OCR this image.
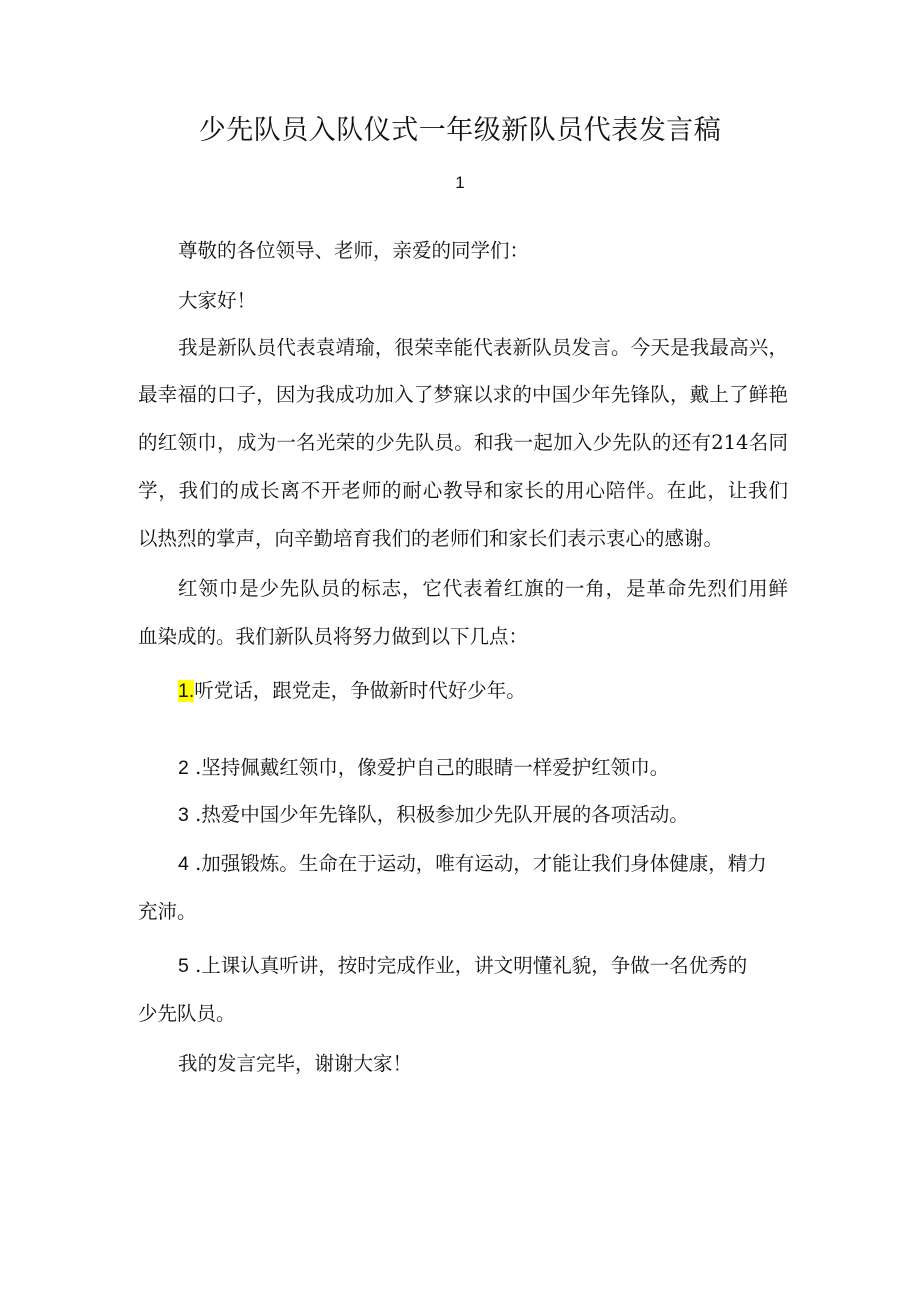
少先队员入队仪式一年级新队员代表发言稿
1
尊敬的各位领导、老师，亲爱的同学们：
大家好！
我是新队员代表袁靖瑜，很荣幸能代表新队员发言。今天是我最高兴，
最幸福的口子，因为我成功加入了梦寐以求的中国少年先锋队，戴上了鲜艳
的红领巾，成为一名光荣的少先队员。和我一起加入少先队的还有214名同
学，我们的成长离不开老师的耐心教导和家长的用心陪伴。在此，让我们
以热烈的掌声，向辛勤培育我们的老师们和家长们表示衷心的感谢。
红领巾是少先队员的标志，它代表着红旗的一角，是革命先烈们用鲜
血染成的。我们新队员将努力做到以下几点：
1.听党话，跟党走，争做新时代好少年。
2 .坚持佩戴红领巾，像爱护自己的眼睛一样爱护红领巾。
3 .热爱中国少年先锋队，积极参加少先队开展的各项活动。
4 .加强锻炼。生命在于运动，唯有运动，才能让我们身体健康，精力
充沛。
5 .上课认真听讲，按时完成作业，讲文明懂礼貌，争做一名优秀的
少先队员。
我的发言完毕，谢谢大家！
